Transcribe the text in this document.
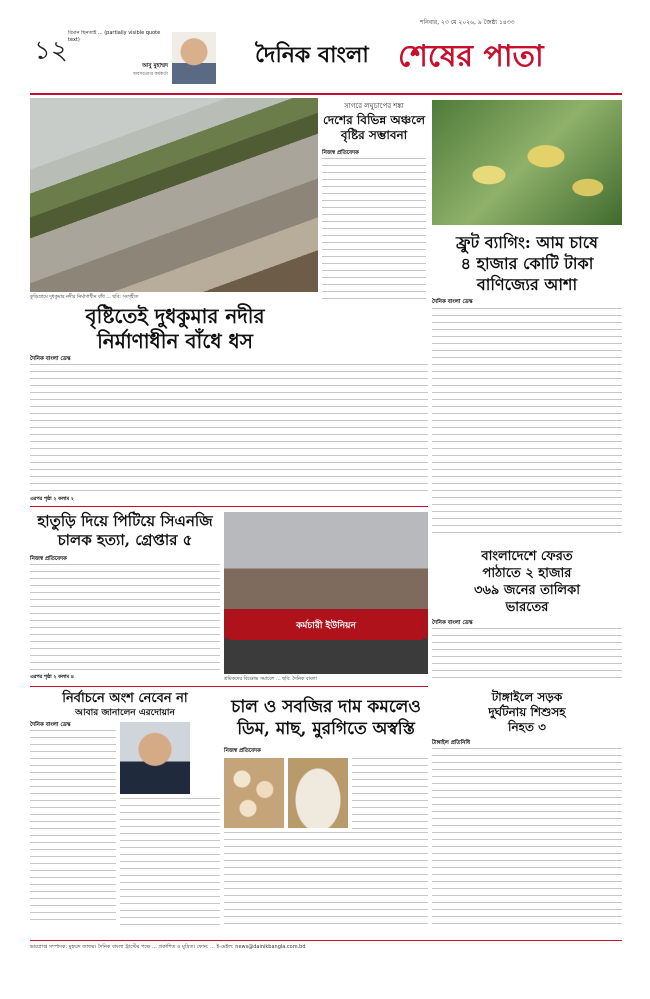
১২
বিমান ছিনতাই ... (partially visible quote text)
আবু মুহাম্মদ
অবসরপ্রাপ্ত কর্মকর্তা
শনিবার, ২৩ মে ২০২৬, ৯ জৈষ্ঠ্য ১৪৩৩
দৈনিক বাংলা শেষের পাতা
কুড়িগ্রামে দুধকুমার নদীর নির্মাণাধীন বাঁধ ... ছবি: সংগৃহীত
সাগরে লঘুচাপের শঙ্কা
দেশের বিভিন্ন অঞ্চলে
বৃষ্টির সম্ভাবনা
নিজস্ব প্রতিবেদক
ফ্রুট ব্যাগিং: আম চাষে
৪ হাজার কোটি টাকা
বাণিজ্যের আশা
দৈনিক বাংলা ডেস্ক
বৃষ্টিতেই দুধকুমার নদীর
নির্মাণাধীন বাঁধে ধস
দৈনিক বাংলা ডেস্ক
এরপর পৃষ্ঠা ২ কলাম ২
হাতুড়ি দিয়ে পিটিয়ে সিএনজি
চালক হত্যা, গ্রেপ্তার ৫
নিজস্ব প্রতিবেদক
এরপর পৃষ্ঠা ২ কলাম ৪
কর্মচারী ইউনিয়ন
শ্রমিকদের বিক্ষোভ সমাবেশ ... ছবি: দৈনিক বাংলা
বাংলাদেশে ফেরত
পাঠাতে ২ হাজার
৩৬৯ জনের তালিকা
ভারতের
দৈনিক বাংলা ডেস্ক
টাঙ্গাইলে সড়ক
দুর্ঘটনায় শিশুসহ
নিহত ৩
টাঙ্গাইল প্রতিনিধি
নির্বাচনে অংশ নেবেন না
আবার জানালেন এরদোয়ান
দৈনিক বাংলা ডেস্ক
চাল ও সবজির দাম কমলেও
ডিম, মাছ, মুরগিতে অস্বস্তি
নিজস্ব প্রতিবেদক
ভারপ্রাপ্ত সম্পাদক: মুহম্মদ জাফর। দৈনিক বাংলা ট্রাস্টের পক্ষে ... প্রকাশিত ও মুদ্রিত। ফোন: ... ই-মেইল: news@dainikbangla.com.bd
